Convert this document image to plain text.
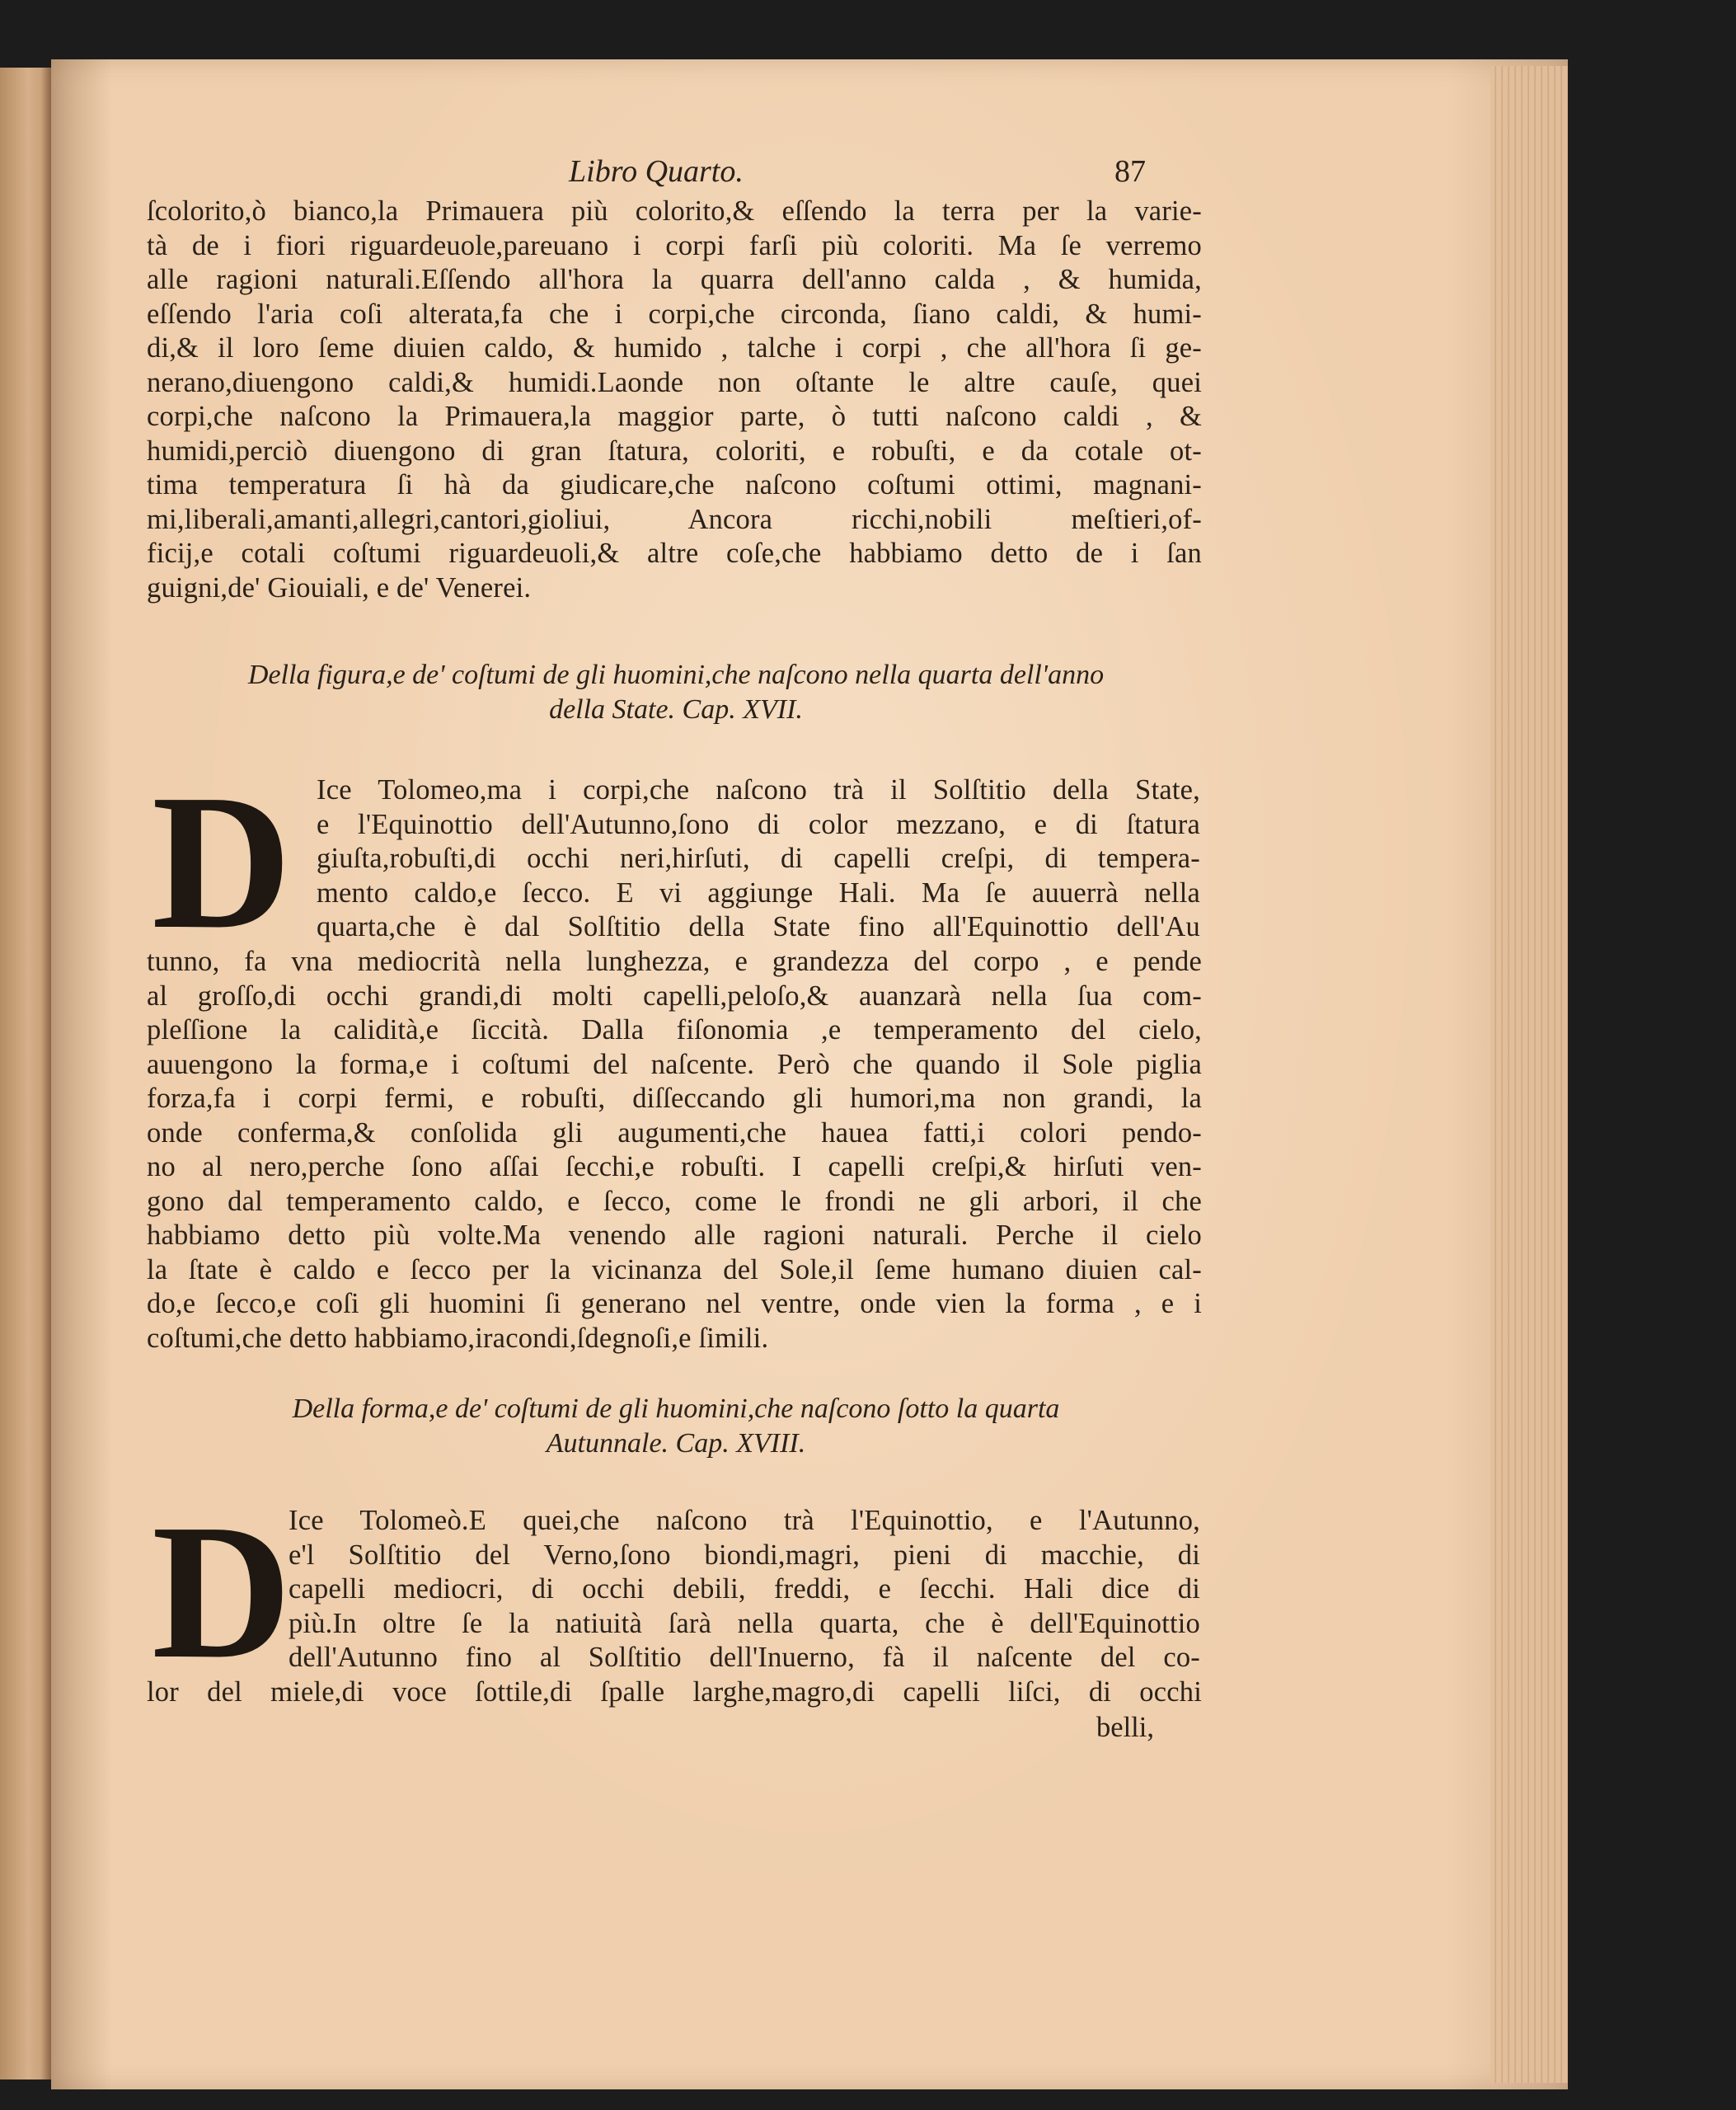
Libro Quarto.	87
ſcolorito,ò bianco,la Primauera più colorito,& eſſendo la terra per la varie-
tà de i fiori riguardeuole,pareuano i corpi farſi più coloriti. Ma ſe verremo
alle ragioni naturali.Eſſendo all'hora la quarra dell'anno calda , & humida,
eſſendo l'aria coſi alterata,fa che i corpi,che circonda, ſiano caldi, & humi-
di,& il loro ſeme diuien caldo, & humido , talche i corpi , che all'hora ſi ge-
nerano,diuengono caldi,& humidi.Laonde non oſtante le altre cauſe, quei
corpi,che naſcono la Primauera,la maggior parte, ò tutti naſcono caldi , &
humidi,perciò diuengono di gran ſtatura, coloriti, e robuſti, e da cotale ot-
tima temperatura ſi hà da giudicare,che naſcono coſtumi ottimi, magnani-
mi,liberali,amanti,allegri,cantori,gioliui, Ancora ricchi,nobili meſtieri,of-
ficij,e cotali coſtumi riguardeuoli,& altre coſe,che habbiamo detto de i ſan
guigni,de' Giouiali, e de' Venerei.
Della figura,e de' coſtumi de gli huomini,che naſcono nella quarta dell'anno
della State. Cap. XVII.
D Ice Tolomeo,ma i corpi,che naſcono trà il Solſtitio della State,
e l'Equinottio dell'Autunno,ſono di color mezzano, e di ſtatura
giuſta,robuſti,di occhi neri,hirſuti, di capelli creſpi, di tempera-
mento caldo,e ſecco. E vi aggiunge Hali. Ma ſe auuerrà nella
quarta,che è dal Solſtitio della State fino all'Equinottio dell'Au
tunno, fa vna mediocrità nella lunghezza, e grandezza del corpo , e pende
al groſſo,di occhi grandi,di molti capelli,peloſo,& auanzarà nella ſua com-
pleſſione la calidità,e ſiccità. Dalla fiſonomia ,e temperamento del cielo,
auuengono la forma,e i coſtumi del naſcente. Però che quando il Sole piglia
forza,fa i corpi fermi, e robuſti, diſſeccando gli humori,ma non grandi, la
onde conferma,& conſolida gli augumenti,che hauea fatti,i colori pendo-
no al nero,perche ſono aſſai ſecchi,e robuſti. I capelli creſpi,& hirſuti ven-
gono dal temperamento caldo, e ſecco, come le frondi ne gli arbori, il che
habbiamo detto più volte.Ma venendo alle ragioni naturali. Perche il cielo
la ſtate è caldo e ſecco per la vicinanza del Sole,il ſeme humano diuien cal-
do,e ſecco,e coſi gli huomini ſi generano nel ventre, onde vien la forma , e i
coſtumi,che detto habbiamo,iracondi,ſdegnoſi,e ſimili.
Della forma,e de' coſtumi de gli huomini,che naſcono ſotto la quarta
Autunnale. Cap. XVIII.
D
Ice Tolomeò.E quei,che naſcono trà l'Equinottio, e l'Autunno,
e'l Solſtitio del Verno,ſono biondi,magri, pieni di macchie, di
capelli mediocri, di occhi debili, freddi, e ſecchi. Hali dice di
più.In oltre ſe la natiuità ſarà nella quarta, che è dell'Equinottio
dell'Autunno fino al Solſtitio dell'Inuerno, fà il naſcente del co-
lor del miele,di voce ſottile,di ſpalle larghe,magro,di capelli liſci, di occhi
belli,
